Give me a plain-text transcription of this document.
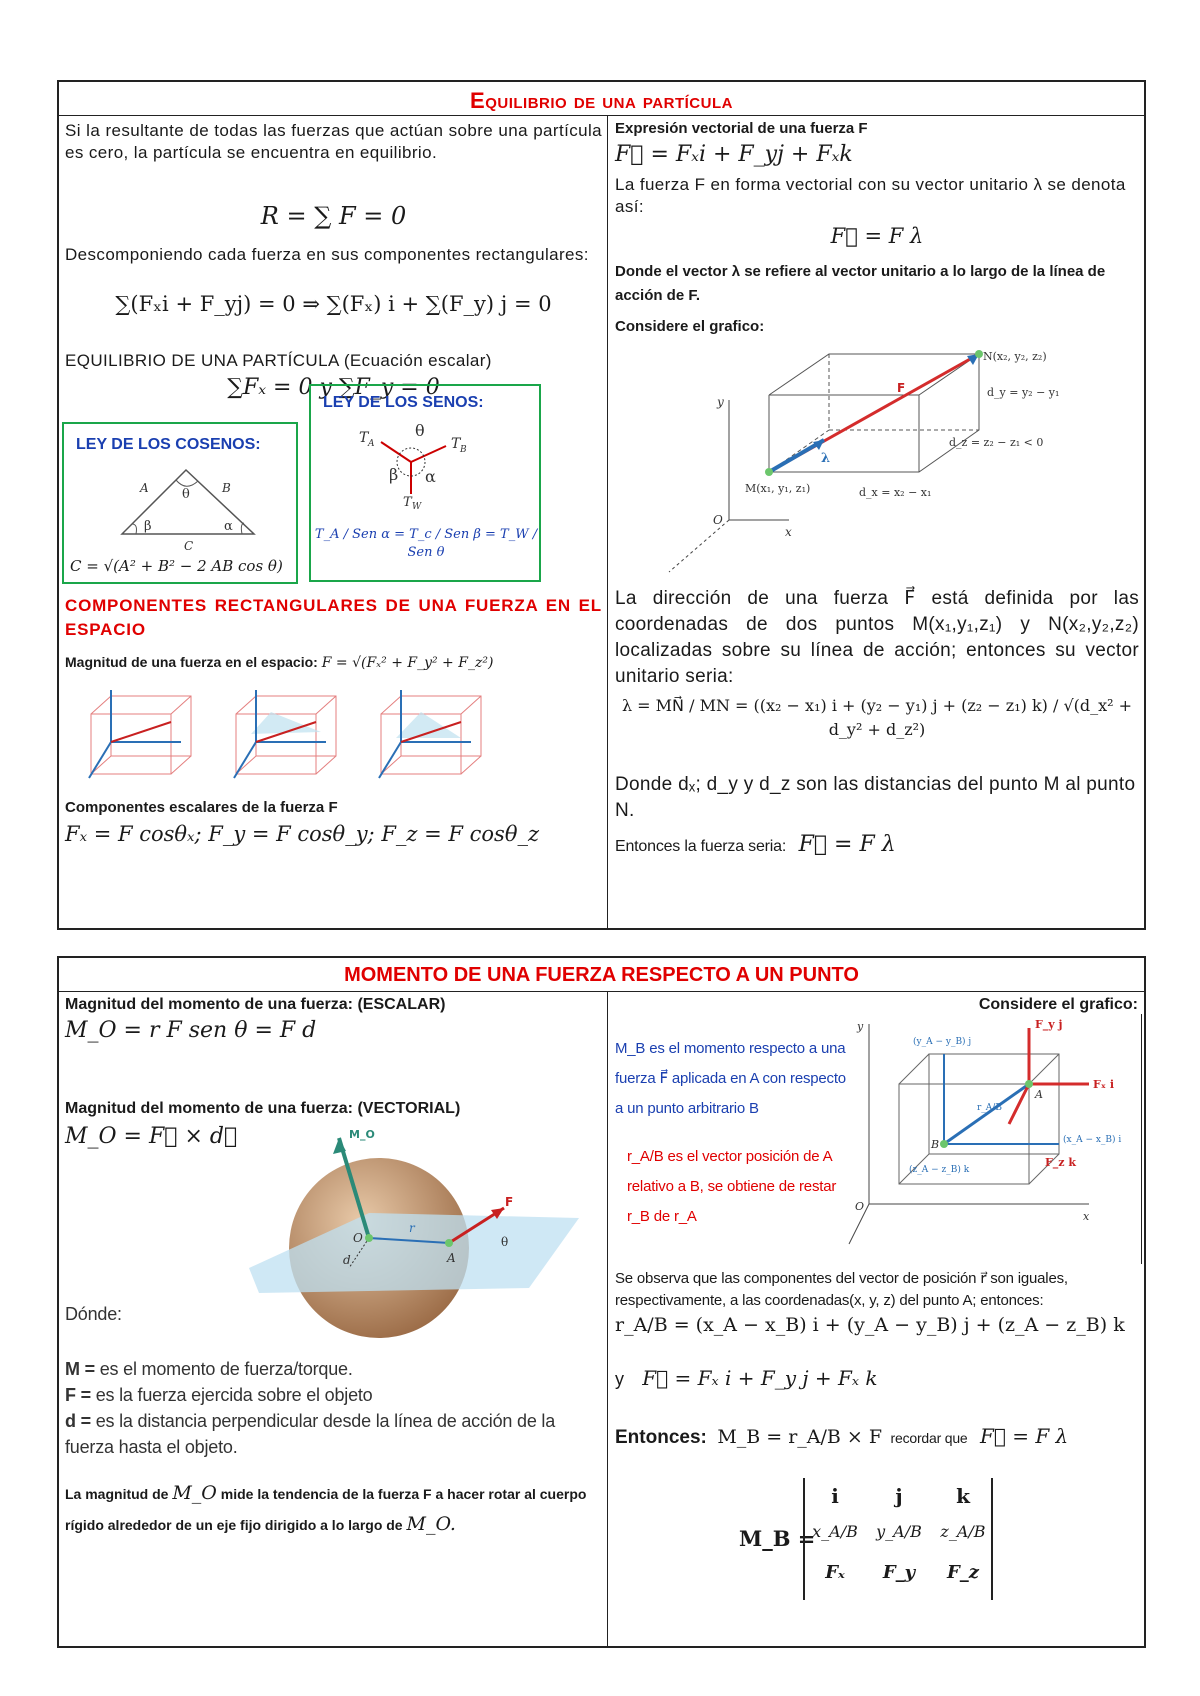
Equilibrio de una partícula
Si la resultante de todas las fuerzas que actúan sobre una partícula es cero, la partícula se encuentra en equilibrio.
R = ∑ F = 0
Descomponiendo cada fuerza en sus componentes rectangulares:
∑(Fₓi + F_yj) = 0 ⇒ ∑(Fₓ) i + ∑(F_y) j = 0
EQUILIBRIO DE UNA PARTÍCULA (Ecuación escalar)
∑Fₓ = 0 y ∑F_y = 0
LEY DE LOS COSENOS:
θ
A	B
β	α
C
C = √(A² + B² − 2 AB cos θ)
LEY DE LOS SENOS:
T A	T B
θ
β α
T W
T_A / Sen α = T_c / Sen β = T_W / Sen θ
COMPONENTES RECTANGULARES DE UNA FUERZA EN EL ESPACIO
Magnitud de una fuerza en el espacio: F = √(Fₓ² + F_y² + F_z²)
Componentes escalares de la fuerza F
Fₓ = F cosθₓ; F_y = F cosθ_y; F_z = F cosθ_z
Expresión vectorial de una fuerza F
F⃗ = Fₓi + F_yj + Fₓk
La fuerza F en forma vectorial con su vector unitario λ se denota así:
F⃗ = F λ
Donde el vector λ se refiere al vector unitario a lo largo de la línea de acción de F.
Considere el grafico:
y
x
O
N(x₂, y₂, z₂)
M(x₁, y₁, z₁)
d_y = y₂ − y₁
d_z = z₂ − z₁ < 0
d_x = x₂ − x₁
F
λ
La dirección de una fuerza F⃗ está definida por las coordenadas de dos puntos M(x₁,y₁,z₁) y N(x₂,y₂,z₂) localizadas sobre su línea de acción; entonces su vector unitario seria:
λ = MN⃗ / MN = ((x₂ − x₁) i + (y₂ − y₁) j + (z₂ − z₁) k) / √(d_x² + d_y² + d_z²)
Donde dₓ; d_y y d_z son las distancias del punto M al punto N.
Entonces la fuerza seria: F⃗ = F λ
MOMENTO DE UNA FUERZA RESPECTO A UN PUNTO
Magnitud del momento de una fuerza: (ESCALAR)
M_O = r F sen θ = F d
Magnitud del momento de una fuerza: (VECTORIAL)
M_O = F⃗ × d⃗	M_O
F
O
A
r
d
θ
Dónde:
M = es el momento de fuerza/torque.
F = es la fuerza ejercida sobre el objeto
d = es la distancia perpendicular desde la línea de acción de la fuerza hasta el objeto.
La magnitud de M_O mide la tendencia de la fuerza F a hacer rotar al cuerpo rígido alrededor de un eje fijo dirigido a lo largo de M_O.
Considere el grafico:
M_B es el momento respecto a una fuerza F⃗ aplicada en A con respecto a un punto arbitrario B
r_A/B es el vector posición de A relativo a B, se obtiene de restar r_B de r_A
y
x
O
F_y j
Fₓ i
F_z k
(y_A − y_B) j
(x_A − x_B) i
(z_A − z_B) k
r_A/B
A
B
Se observa que las componentes del vector de posición r⃗ son iguales, respectivamente, a las coordenadas(x, y, z) del punto A; entonces:
r_A/B = (x_A − x_B) i + (y_A − y_B) j + (z_A − z_B) k
y F⃗ = Fₓ i + F_y j + Fₓ k
Entonces: M_B = r_A/B × F recordar que F⃗ = F λ
M_B =
i	j	k
x_A/B	y_A/B	z_A/B
Fₓ	F_y	F_z
